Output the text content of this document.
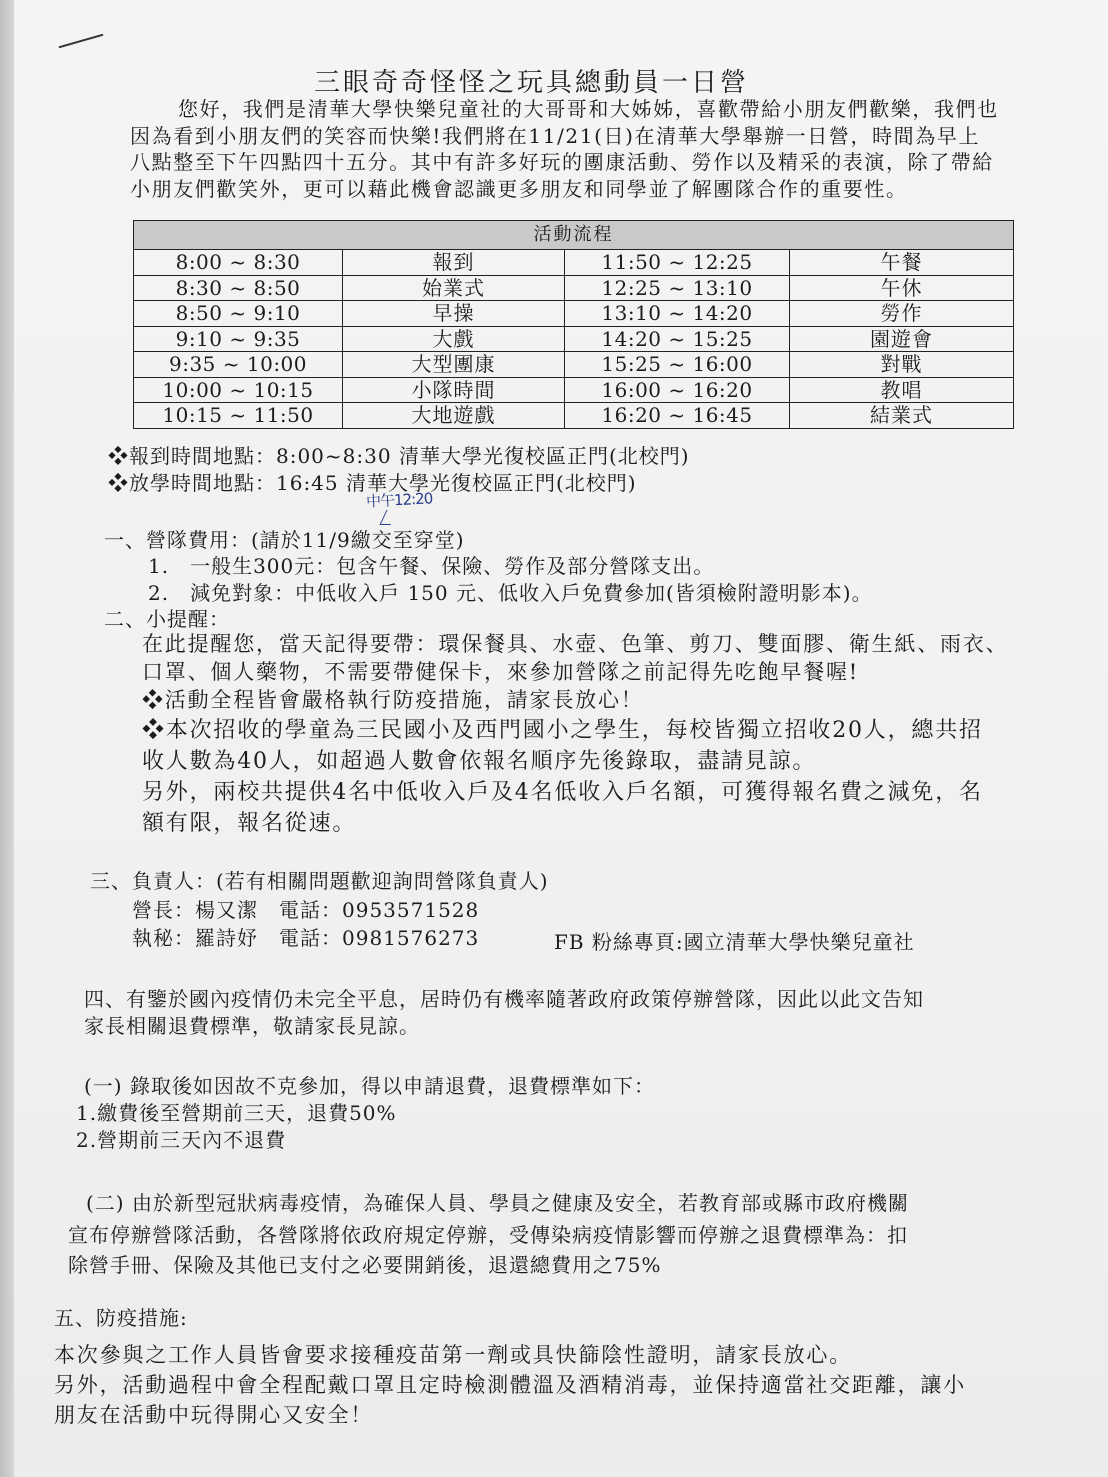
三眼奇奇怪怪之玩具總動員一日營

您好，我們是清華大學快樂兒童社的大哥哥和大姊姊，喜歡帶給小朋友們歡樂，我們也

因為看到小朋友們的笑容而快樂!我們將在11/21(日)在清華大學舉辦一日營，時間為早上

八點整至下午四點四十五分。其中有許多好玩的團康活動、勞作以及精采的表演，除了帶給

小朋友們歡笑外，更可以藉此機會認識更多朋友和同學並了解團隊合作的重要性。

活動流程			
8:00 ~ 8:30	報到	11:50 ~ 12:25	午餐
8:30 ~ 8:50	始業式	12:25 ~ 13:10	午休
8:50 ~ 9:10	早操	13:10 ~ 14:20	勞作
9:10 ~ 9:35	大戲	14:20 ~ 15:25	園遊會
9:35 ~ 10:00	大型團康	15:25 ~ 16:00	對戰
10:00 ~ 10:15	小隊時間	16:00 ~ 16:20	教唱
10:15 ~ 11:50	大地遊戲	16:20 ~ 16:45	結業式
❖報到時間地點：8:00~8:30 清華大學光復校區正門(北校門)
❖放學時間地點：16:45 清華大學光復校區正門(北校門)
中午12:20
一、營隊費用：(請於11/9繳交至穿堂)
1.　一般生300元：包含午餐、保險、勞作及部分營隊支出。
2.　減免對象：中低收入戶 150 元、低收入戶免費參加(皆須檢附證明影本)。
二、小提醒：
在此提醒您，當天記得要帶：環保餐具、水壺、色筆、剪刀、雙面膠、衛生紙、雨衣、
口罩、個人藥物，不需要帶健保卡，來參加營隊之前記得先吃飽早餐喔!
❖活動全程皆會嚴格執行防疫措施，請家長放心！
❖本次招收的學童為三民國小及西門國小之學生，每校皆獨立招收20人，總共招
收人數為40人，如超過人數會依報名順序先後錄取，盡請見諒。
另外，兩校共提供4名中低收入戶及4名低收入戶名額，可獲得報名費之減免，名
額有限，報名從速。
三、負責人：(若有相關問題歡迎詢問營隊負責人)
營長：楊又潔　電話：0953571528
執秘：羅詩妤　電話：0981576273	FB 粉絲專頁:國立清華大學快樂兒童社
四、有鑒於國內疫情仍未完全平息，居時仍有機率隨著政府政策停辦營隊，因此以此文告知
家長相關退費標準，敬請家長見諒。
(一) 錄取後如因故不克參加，得以申請退費，退費標準如下：
1.繳費後至營期前三天，退費50%
2.營期前三天內不退費
(二) 由於新型冠狀病毒疫情，為確保人員、學員之健康及安全，若教育部或縣市政府機關
宣布停辦營隊活動，各營隊將依政府規定停辦，受傳染病疫情影響而停辦之退費標準為：扣
除營手冊、保險及其他已支付之必要開銷後，退還總費用之75%
五、防疫措施:
本次參與之工作人員皆會要求接種疫苗第一劑或具快篩陰性證明，請家長放心。
另外，活動過程中會全程配戴口罩且定時檢測體溫及酒精消毒，並保持適當社交距離，讓小
朋友在活動中玩得開心又安全！
